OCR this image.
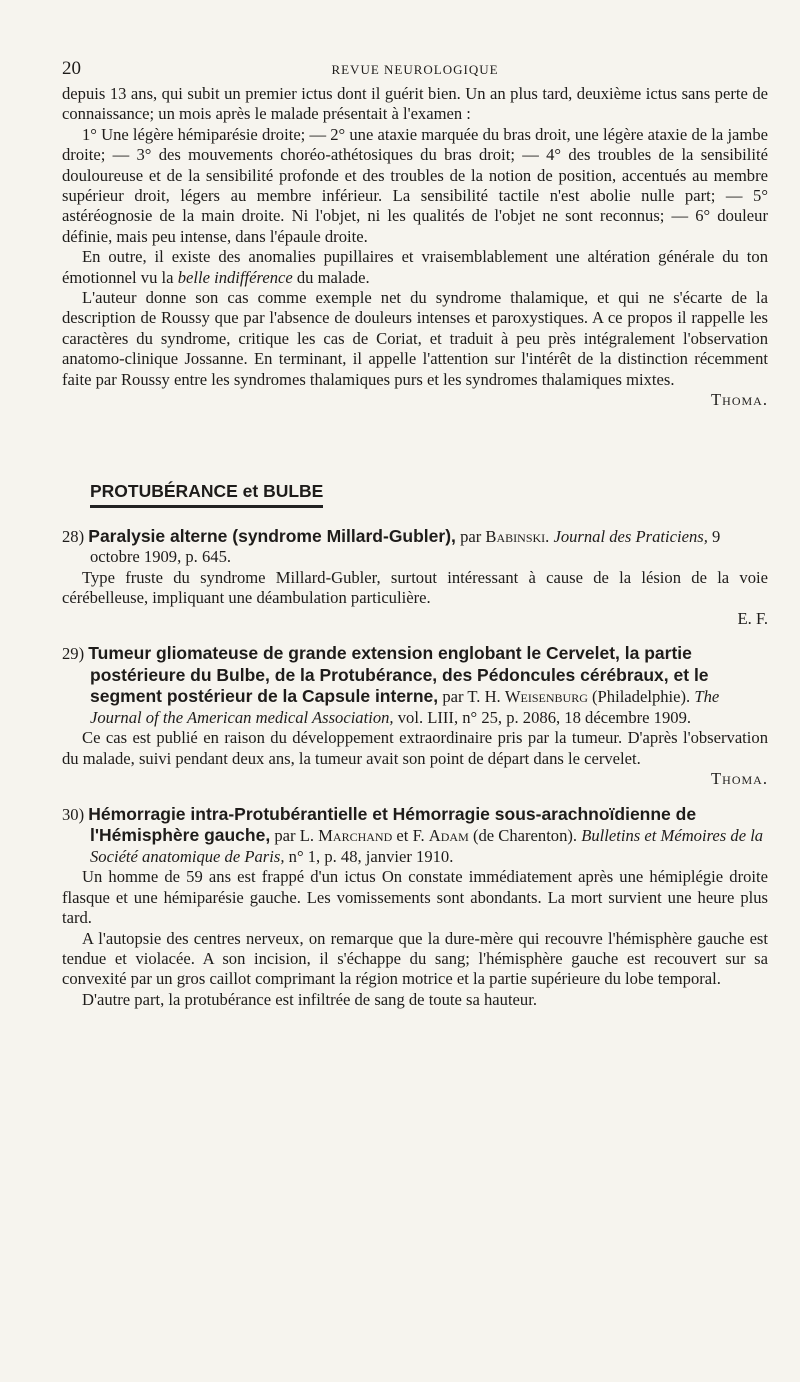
20	REVUE NEUROLOGIQUE

depuis 13 ans, qui subit un premier ictus dont il guérit bien. Un an plus tard, deuxième ictus sans perte de connaissance; un mois après le malade présentait à l'examen :

1° Une légère hémiparésie droite; — 2° une ataxie marquée du bras droit, une légère ataxie de la jambe droite; — 3° des mouvements choréo-athétosiques du bras droit; — 4° des troubles de la sensibilité douloureuse et de la sensibilité profonde et des troubles de la notion de position, accentués au membre supérieur droit, légers au membre inférieur. La sensibilité tactile n'est abolie nulle part; — 5° astéréognosie de la main droite. Ni l'objet, ni les qualités de l'objet ne sont reconnus; — 6° douleur définie, mais peu intense, dans l'épaule droite.

En outre, il existe des anomalies pupillaires et vraisemblablement une altération générale du ton émotionnel vu la belle indifférence du malade.

L'auteur donne son cas comme exemple net du syndrome thalamique, et qui ne s'écarte de la description de Roussy que par l'absence de douleurs intenses et paroxystiques. A ce propos il rappelle les caractères du syndrome, critique les cas de Coriat, et traduit à peu près intégralement l'observation anatomo-clinique Jossanne. En terminant, il appelle l'attention sur l'intérêt de la distinction récemment faite par Roussy entre les syndromes thalamiques purs et les syndromes thalamiques mixtes.

Thoma.

PROTUBÉRANCE et BULBE

28) Paralysie alterne (syndrome Millard-Gubler), par Babinski. Journal des Praticiens, 9 octobre 1909, p. 645.

Type fruste du syndrome Millard-Gubler, surtout intéressant à cause de la lésion de la voie cérébelleuse, impliquant une déambulation particulière.

E. F.

29) Tumeur gliomateuse de grande extension englobant le Cervelet, la partie postérieure du Bulbe, de la Protubérance, des Pédoncules cérébraux, et le segment postérieur de la Capsule interne, par T. H. Weisenburg (Philadelphie). The Journal of the American medical Association, vol. LIII, n° 25, p. 2086, 18 décembre 1909.

Ce cas est publié en raison du développement extraordinaire pris par la tumeur. D'après l'observation du malade, suivi pendant deux ans, la tumeur avait son point de départ dans le cervelet.

Thoma.

30) Hémorragie intra-Protubérantielle et Hémorragie sous-arachnoïdienne de l'Hémisphère gauche, par L. Marchand et F. Adam (de Charenton). Bulletins et Mémoires de la Société anatomique de Paris, n° 1, p. 48, janvier 1910.

Un homme de 59 ans est frappé d'un ictus On constate immédiatement après une hémiplégie droite flasque et une hémiparésie gauche. Les vomissements sont abondants. La mort survient une heure plus tard.

A l'autopsie des centres nerveux, on remarque que la dure-mère qui recouvre l'hémisphère gauche est tendue et violacée. A son incision, il s'échappe du sang; l'hémisphère gauche est recouvert sur sa convexité par un gros caillot comprimant la région motrice et la partie supérieure du lobe temporal.

D'autre part, la protubérance est infiltrée de sang de toute sa hauteur.
